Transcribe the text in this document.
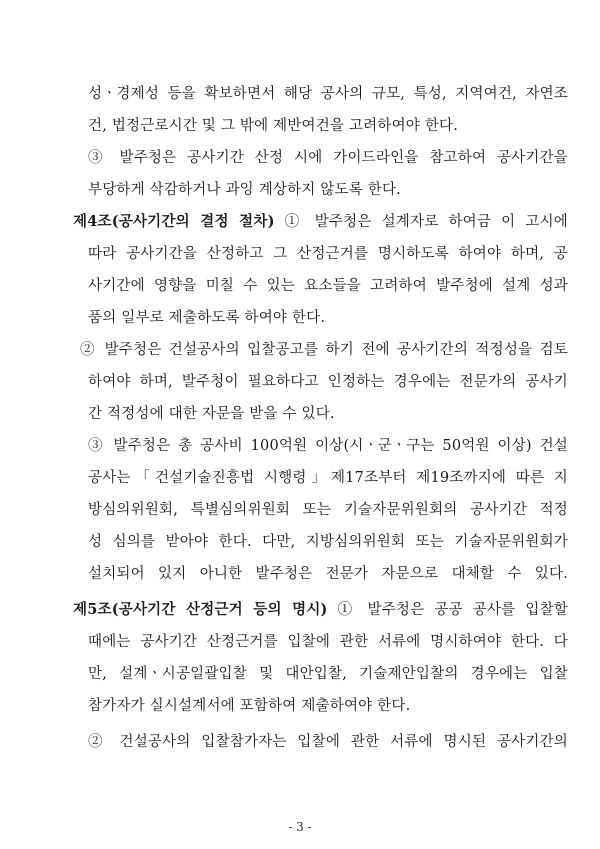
성ㆍ경제성 등을 확보하면서 해당 공사의 규모, 특성, 지역여건, 자연조
건, 법정근로시간 및 그 밖에 제반여건을 고려하여야 한다.
③ 발주청은 공사기간 산정 시에 가이드라인을 참고하여 공사기간을
부당하게 삭감하거나 과잉 계상하지 않도록 한다.
제4조(공사기간의 결정 절차) ① 발주청은 설계자로 하여금 이 고시에
따라 공사기간을 산정하고 그 산정근거를 명시하도록 하여야 하며, 공
사기간에 영향을 미칠 수 있는 요소들을 고려하여 발주청에 설계 성과
품의 일부로 제출하도록 하여야 한다.
② 발주청은 건설공사의 입찰공고를 하기 전에 공사기간의 적정성을 검토
하여야 하며, 발주청이 필요하다고 인정하는 경우에는 전문가의 공사기
간 적정성에 대한 자문을 받을 수 있다.
③ 발주청은 총 공사비 100억원 이상(시ㆍ군ㆍ구는 50억원 이상) 건설
공사는「건설기술진흥법 시행령」제17조부터 제19조까지에 따른 지
방심의위원회, 특별심의위원회 또는 기술자문위원회의 공사기간 적정
성 심의를 받아야 한다. 다만, 지방심의위원회 또는 기술자문위원회가
설치되어 있지 아니한 발주청은 전문가 자문으로 대체할 수 있다.
제5조(공사기간 산정근거 등의 명시) ① 발주청은 공공 공사를 입찰할
때에는 공사기간 산정근거를 입찰에 관한 서류에 명시하여야 한다. 다
만, 설계ㆍ시공일괄입찰 및 대안입찰, 기술제안입찰의 경우에는 입찰
참가자가 실시설계서에 포함하여 제출하여야 한다.
② 건설공사의 입찰참가자는 입찰에 관한 서류에 명시된 공사기간의
- 3 -
